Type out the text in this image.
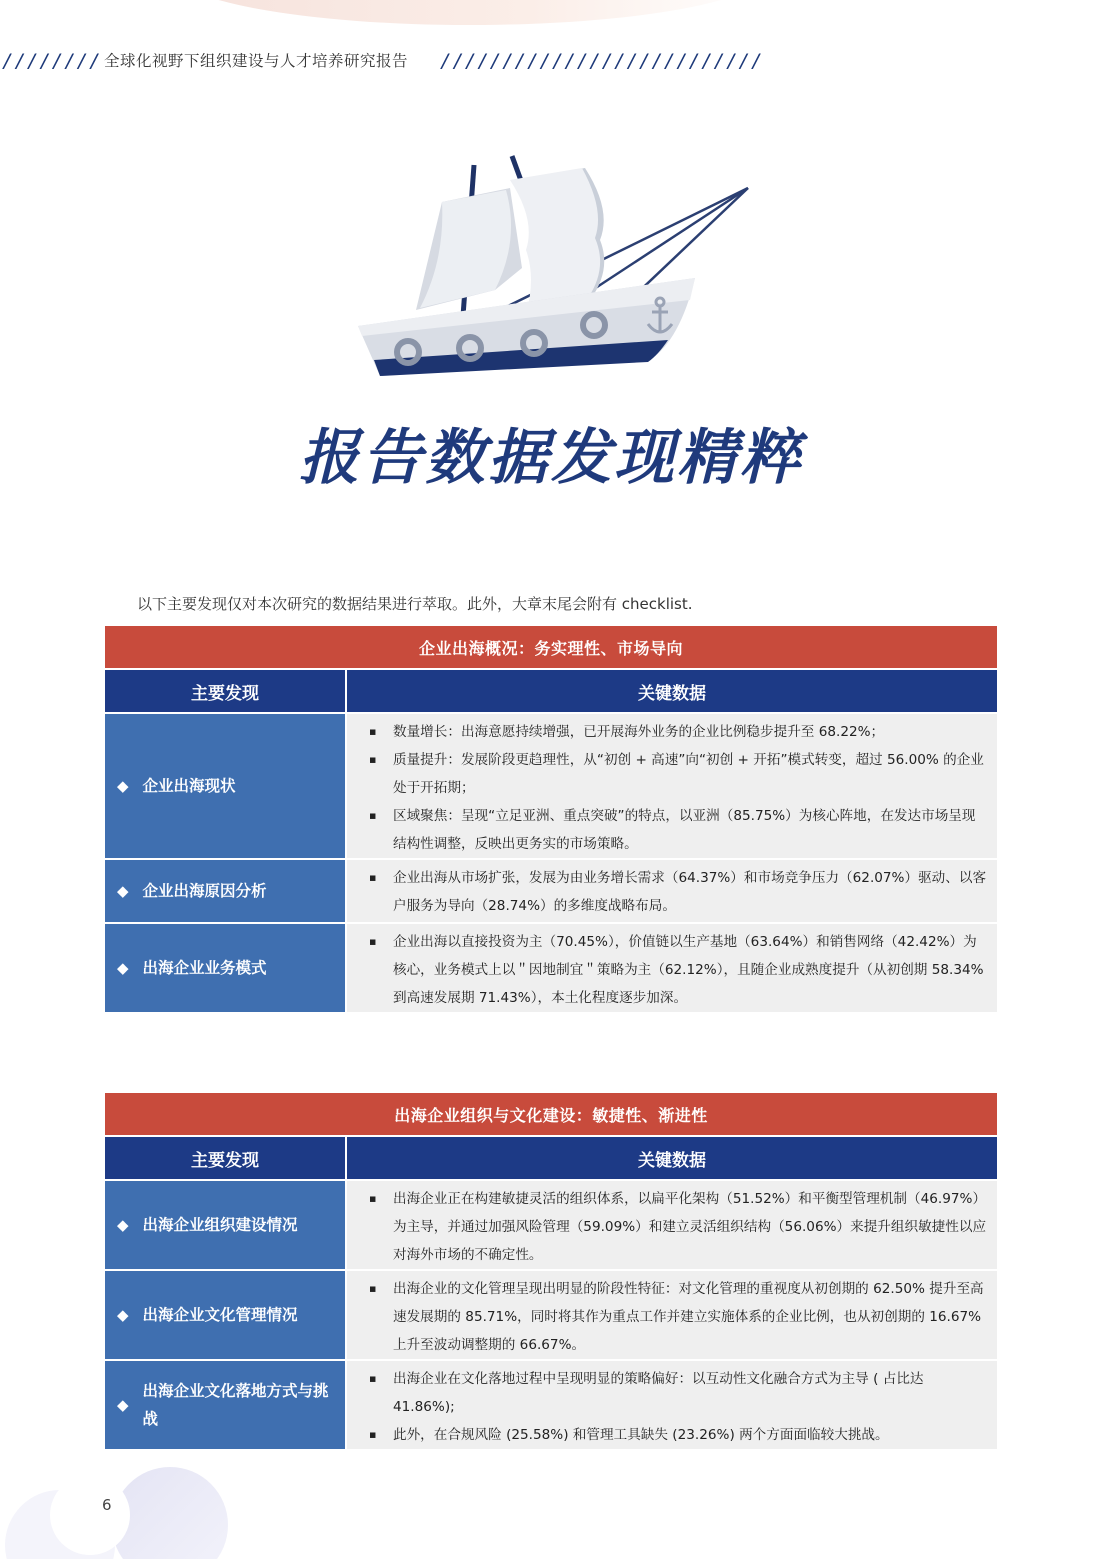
//////// 全球化视野下组织建设与人才培养研究报告 //////////////////////////
报告数据发现精粹
以下主要发现仅对本次研究的数据结果进行萃取。此外，大章末尾会附有 checklist.
企业出海概况：务实理性、市场导向
主要发现	关键数据
◆ 企业出海现状
▪ 数量增长：出海意愿持续增强，已开展海外业务的企业比例稳步提升至 68.22%；
▪ 质量提升：发展阶段更趋理性，从“初创 + 高速”向“初创 + 开拓”模式转变，超过 56.00% 的企业处于开拓期；
▪ 区域聚焦：呈现“立足亚洲、重点突破”的特点，以亚洲（85.75%）为核心阵地，在发达市场呈现结构性调整，反映出更务实的市场策略。
◆ 企业出海原因分析
▪ 企业出海从市场扩张，发展为由业务增长需求（64.37%）和市场竞争压力（62.07%）驱动、以客户服务为导向（28.74%）的多维度战略布局。
◆ 出海企业业务模式
▪ 企业出海以直接投资为主（70.45%），价值链以生产基地（63.64%）和销售网络（42.42%）为核心，业务模式上以＂因地制宜＂策略为主（62.12%），且随企业成熟度提升（从初创期 58.34% 到高速发展期 71.43%），本土化程度逐步加深。
出海企业组织与文化建设：敏捷性、渐进性
主要发现	关键数据
◆ 出海企业组织建设情况
▪ 出海企业正在构建敏捷灵活的组织体系，以扁平化架构（51.52%）和平衡型管理机制（46.97%）为主导，并通过加强风险管理（59.09%）和建立灵活组织结构（56.06%）来提升组织敏捷性以应对海外市场的不确定性。
◆ 出海企业文化管理情况
▪ 出海企业的文化管理呈现出明显的阶段性特征：对文化管理的重视度从初创期的 62.50% 提升至高速发展期的 85.71%，同时将其作为重点工作并建立实施体系的企业比例，也从初创期的 16.67% 上升至波动调整期的 66.67%。
◆
出海企业文化落地方式与挑战
▪ 出海企业在文化落地过程中呈现明显的策略偏好：以互动性文化融合方式为主导 ( 占比达 41.86%);
▪ 此外，在合规风险 (25.58%) 和管理工具缺失 (23.26%) 两个方面面临较大挑战。
6
